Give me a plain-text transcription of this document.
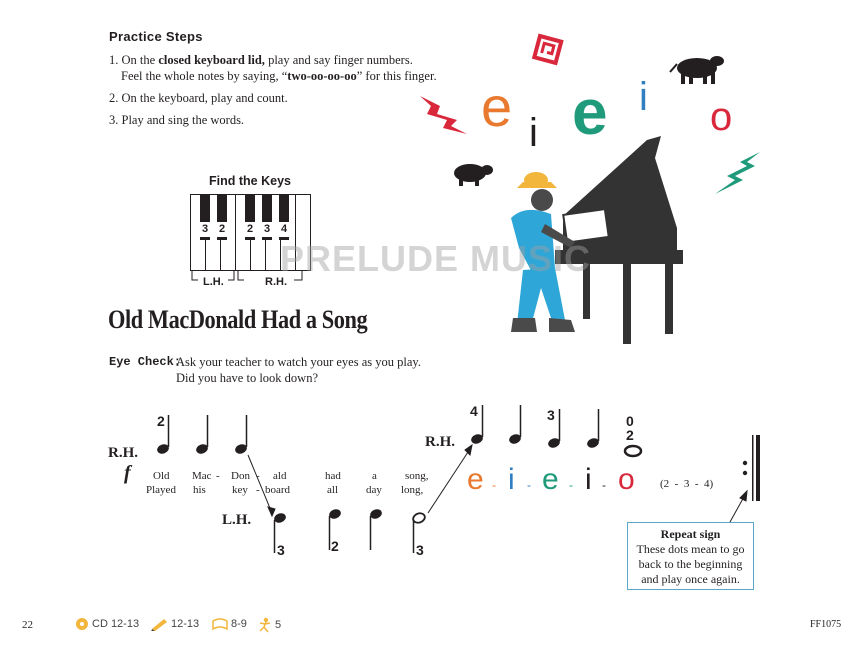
Practice Steps
1. On the closed keyboard lid, play and say finger numbers.
Feel the whole notes by saying, “two-oo-oo-oo” for this finger.
2. On the keyboard, play and count.
3. Play and sing the words.
Find the Keys
3 2	2 3 4
L.H.	R.H.
e i e i o
PRELUDE MUSIC
Old MacDonald Had a Song
Eye Check:
Ask your teacher to watch your eyes as you play.
Did you have to look down?
R.H.
R.H.
L.H.
f
2
3	2	3
4	3
2
0
Old Mac - Don - ald	had	a	song,
Played his key - board	all	day long, e - i - e - i - o (2  -  3  -  4)
Repeat sign
These dots mean to go
back to the beginning
and play once again.
22	CD 12-13	12-13	8-9	5	FF1075
